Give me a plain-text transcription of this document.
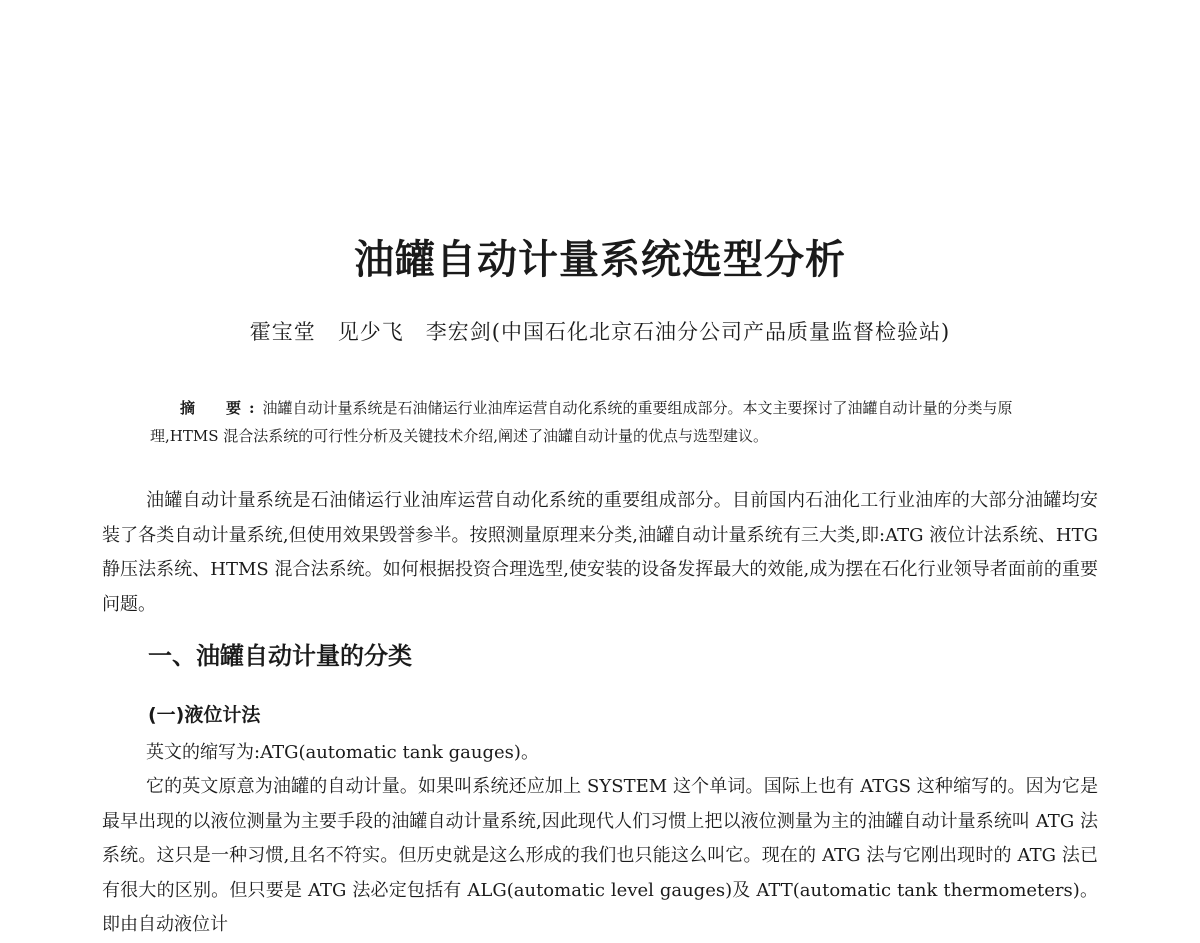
油罐自动计量系统选型分析
霍宝堂　见少飞　李宏剑(中国石化北京石油分公司产品质量监督检验站)
摘　要:油罐自动计量系统是石油储运行业油库运营自动化系统的重要组成部分。本文主要探讨了油罐自动计量的分类与原理,HTMS 混合法系统的可行性分析及关键技术介绍,阐述了油罐自动计量的优点与选型建议。

油罐自动计量系统是石油储运行业油库运营自动化系统的重要组成部分。目前国内石油化工行业油库的大部分油罐均安装了各类自动计量系统,但使用效果毁誉参半。按照测量原理来分类,油罐自动计量系统有三大类,即:ATG 液位计法系统、HTG 静压法系统、HTMS 混合法系统。如何根据投资合理选型,使安装的设备发挥最大的效能,成为摆在石化行业领导者面前的重要问题。

一、油罐自动计量的分类
(一)液位计法

英文的缩写为:ATG(automatic tank gauges)。

它的英文原意为油罐的自动计量。如果叫系统还应加上 SYSTEM 这个单词。国际上也有 ATGS 这种缩写的。因为它是最早出现的以液位测量为主要手段的油罐自动计量系统,因此现代人们习惯上把以液位测量为主的油罐自动计量系统叫 ATG 法系统。这只是一种习惯,且名不符实。但历史就是这么形成的我们也只能这么叫它。现在的 ATG 法与它刚出现时的 ATG 法已有很大的区别。但只要是 ATG 法必定包括有 ALG(automatic level gauges)及 ATT(automatic tank thermometers)。即由自动液位计
